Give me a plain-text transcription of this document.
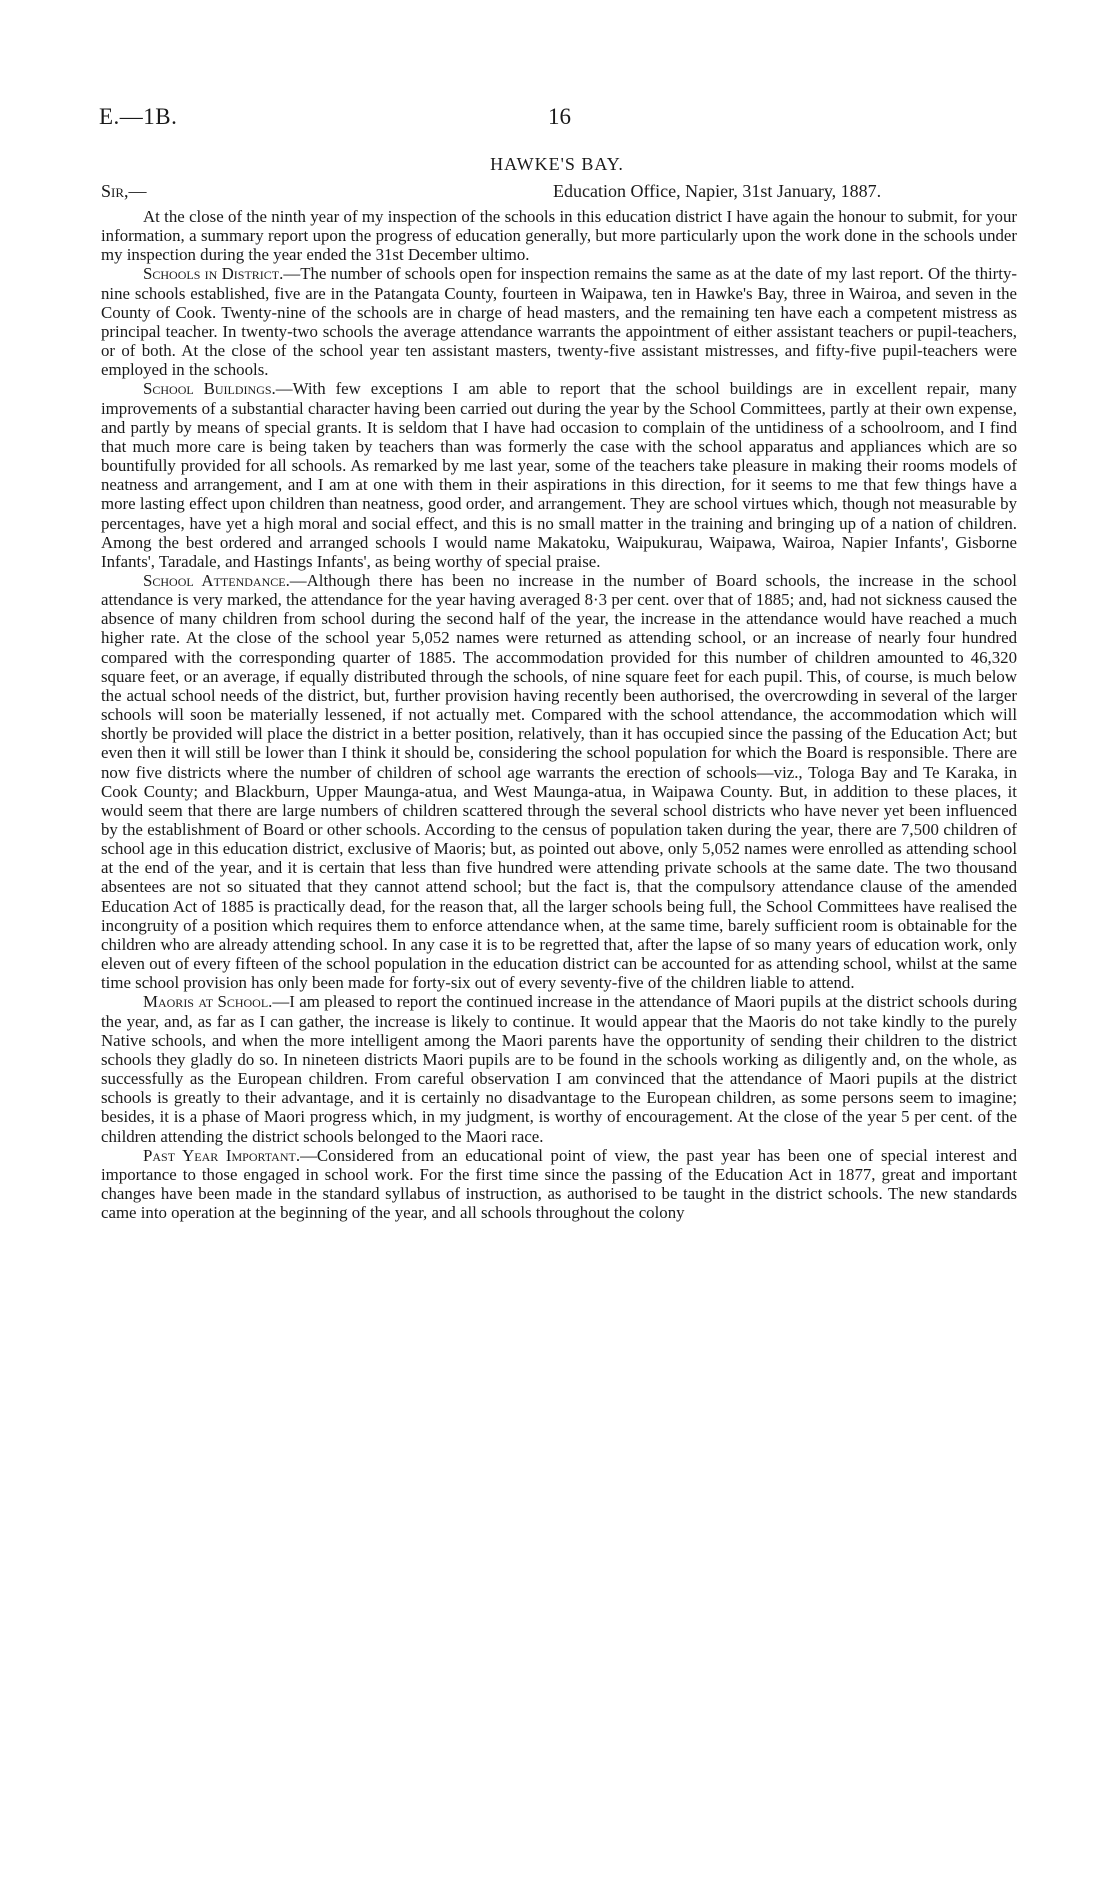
E.—1B.	16
HAWKE'S BAY.
Sir,—	Education Office, Napier, 31st January, 1887.

At the close of the ninth year of my inspection of the schools in this education district I have again the honour to submit, for your information, a summary report upon the progress of education generally, but more particularly upon the work done in the schools under my inspection during the year ended the 31st December ultimo.

Schools in District.—The number of schools open for inspection remains the same as at the date of my last report. Of the thirty-nine schools established, five are in the Patangata County, fourteen in Waipawa, ten in Hawke's Bay, three in Wairoa, and seven in the County of Cook. Twenty-nine of the schools are in charge of head masters, and the remaining ten have each a competent mistress as principal teacher. In twenty-two schools the average attendance warrants the appointment of either assistant teachers or pupil-teachers, or of both. At the close of the school year ten assistant masters, twenty-five assistant mistresses, and fifty-five pupil-teachers were employed in the schools.

School Buildings.—With few exceptions I am able to report that the school buildings are in excellent repair, many improvements of a substantial character having been carried out during the year by the School Committees, partly at their own expense, and partly by means of special grants. It is seldom that I have had occasion to complain of the untidiness of a schoolroom, and I find that much more care is being taken by teachers than was formerly the case with the school apparatus and appliances which are so bountifully provided for all schools. As remarked by me last year, some of the teachers take pleasure in making their rooms models of neatness and arrangement, and I am at one with them in their aspirations in this direction, for it seems to me that few things have a more lasting effect upon children than neatness, good order, and arrangement. They are school virtues which, though not measurable by percentages, have yet a high moral and social effect, and this is no small matter in the training and bringing up of a nation of children. Among the best ordered and arranged schools I would name Makatoku, Waipukurau, Waipawa, Wairoa, Napier Infants', Gisborne Infants', Taradale, and Hastings Infants', as being worthy of special praise.

School Attendance.—Although there has been no increase in the number of Board schools, the increase in the school attendance is very marked, the attendance for the year having averaged 8·3 per cent. over that of 1885; and, had not sickness caused the absence of many children from school during the second half of the year, the increase in the attendance would have reached a much higher rate. At the close of the school year 5,052 names were returned as attending school, or an increase of nearly four hundred compared with the corresponding quarter of 1885. The accommodation provided for this number of children amounted to 46,320 square feet, or an average, if equally distributed through the schools, of nine square feet for each pupil. This, of course, is much below the actual school needs of the district, but, further provision having recently been authorised, the overcrowding in several of the larger schools will soon be materially lessened, if not actually met. Compared with the school attendance, the accommodation which will shortly be provided will place the district in a better position, relatively, than it has occupied since the passing of the Education Act; but even then it will still be lower than I think it should be, considering the school population for which the Board is responsible. There are now five districts where the number of children of school age warrants the erection of schools—viz., Tologa Bay and Te Karaka, in Cook County; and Blackburn, Upper Maunga-atua, and West Maunga-atua, in Waipawa County. But, in addition to these places, it would seem that there are large numbers of children scattered through the several school districts who have never yet been influenced by the establishment of Board or other schools. According to the census of population taken during the year, there are 7,500 children of school age in this education district, exclusive of Maoris; but, as pointed out above, only 5,052 names were enrolled as attending school at the end of the year, and it is certain that less than five hundred were attending private schools at the same date. The two thousand absentees are not so situated that they cannot attend school; but the fact is, that the compulsory attendance clause of the amended Education Act of 1885 is practically dead, for the reason that, all the larger schools being full, the School Committees have realised the incongruity of a position which requires them to enforce attendance when, at the same time, barely sufficient room is obtainable for the children who are already attending school. In any case it is to be regretted that, after the lapse of so many years of education work, only eleven out of every fifteen of the school population in the education district can be accounted for as attending school, whilst at the same time school provision has only been made for forty-six out of every seventy-five of the children liable to attend.

Maoris at School.—I am pleased to report the continued increase in the attendance of Maori pupils at the district schools during the year, and, as far as I can gather, the increase is likely to continue. It would appear that the Maoris do not take kindly to the purely Native schools, and when the more intelligent among the Maori parents have the opportunity of sending their children to the district schools they gladly do so. In nineteen districts Maori pupils are to be found in the schools working as diligently and, on the whole, as successfully as the European children. From careful observation I am convinced that the attendance of Maori pupils at the district schools is greatly to their advantage, and it is certainly no disadvantage to the European children, as some persons seem to imagine; besides, it is a phase of Maori progress which, in my judgment, is worthy of encouragement. At the close of the year 5 per cent. of the children attending the district schools belonged to the Maori race.

Past Year Important.—Considered from an educational point of view, the past year has been one of special interest and importance to those engaged in school work. For the first time since the passing of the Education Act in 1877, great and important changes have been made in the standard syllabus of instruction, as authorised to be taught in the district schools. The new standards came into operation at the beginning of the year, and all schools throughout the colony
